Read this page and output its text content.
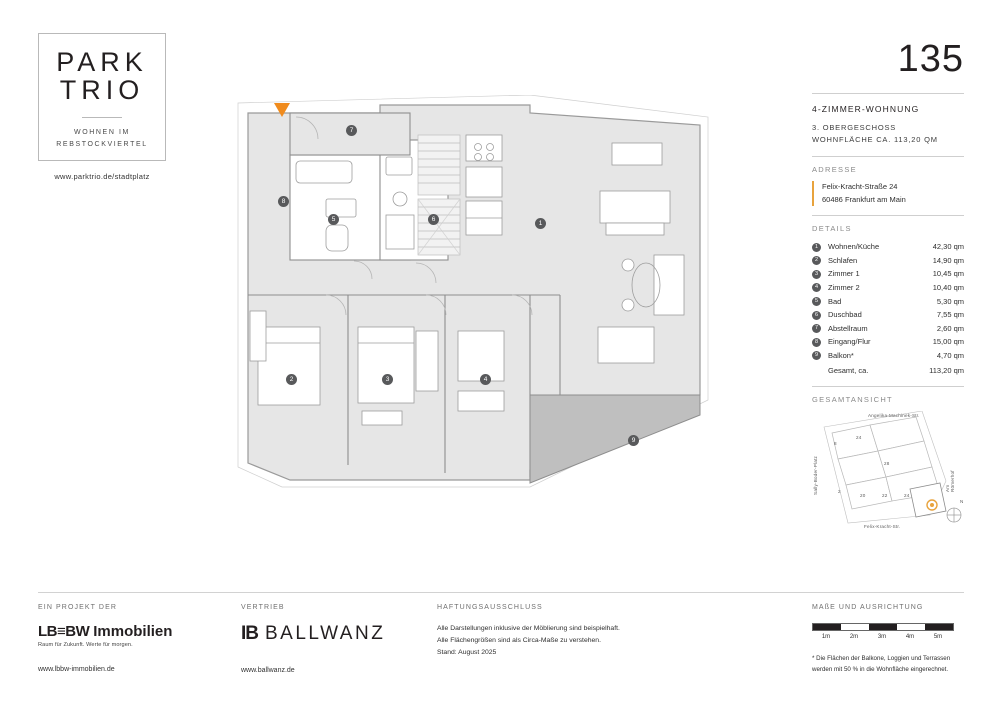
PARK
TRIO
WOHNEN IM
REBSTOCKVIERTEL
www.parktrio.de/stadtplatz
1
2	3	4
5	6
7
8
9
135
4-ZIMMER-WOHNUNG
3. OBERGESCHOSS
WOHNFLÄCHE CA. 113,20 QM
ADRESSE
Felix-Kracht-Straße 24
60486 Frankfurt am Main
DETAILS
1	Wohnen/Küche	42,30 qm
2	Schlafen	14,90 qm
3	Zimmer 1	10,45 qm
4	Zimmer 2	10,40 qm
5	Bad	5,30 qm
6	Duschbad	7,55 qm
7	Abstellraum	2,60 qm
8	Eingang/Flur	15,00 qm
9	Balkon*	4,70 qm
Gesamt, ca.	113,20 qm
GESAMTANSICHT
Angelika-Machinek-Str.
Sally-Boder-Platz	Am Römerhof
Felix-Kracht-Str.
8
24
28
2
20	22	24
N
EIN PROJEKT DER
LB≡BW Immobilien
Raum für Zukunft. Werte für morgen.
www.lbbw-immobilien.de
VERTRIEB
IB BALLWANZ
www.ballwanz.de
HAFTUNGSAUSSCHLUSS
Alle Darstellungen inklusive der Möblierung sind beispielhaft.
Alle Flächengrößen sind als Circa-Maße zu verstehen.
Stand: August 2025
MAßE UND AUSRICHTUNG
1m	2m	3m	4m	5m
* Die Flächen der Balkone, Loggien und Terrassen
werden mit 50 % in die Wohnfläche eingerechnet.
